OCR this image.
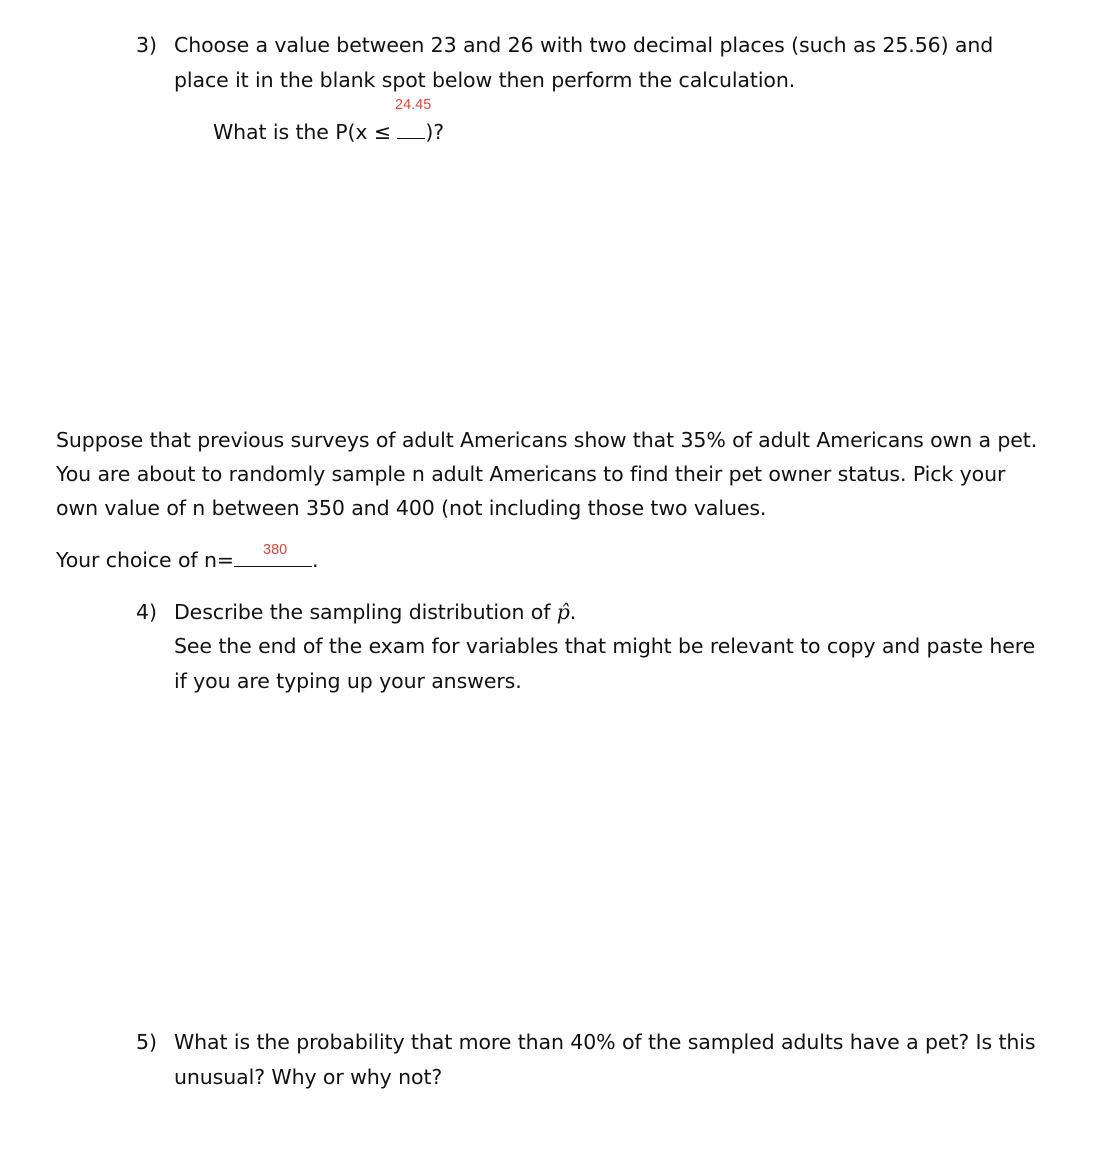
3) Choose a value between 23 and 26 with two decimal places (such as 25.56) and
place it in the blank spot below then perform the calculation.
24.45
What is the P(x ≤ )?
Suppose that previous surveys of adult Americans show that 35% of adult Americans own a pet.
You are about to randomly sample n adult Americans to find their pet owner status. Pick your
own value of n between 350 and 400 (not including those two values.
380
Your choice of n=	.
4) Describe the sampling distribution of p̂.
See the end of the exam for variables that might be relevant to copy and paste here
if you are typing up your answers.
5) What is the probability that more than 40% of the sampled adults have a pet? Is this
unusual? Why or why not?
